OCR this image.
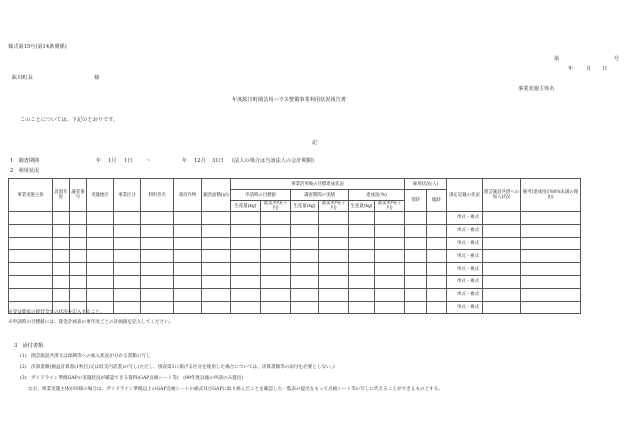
様式第15号(第14条関係)
第	号
年 月 日
紘川町長	様
事業実施主体名
年度紘川町園芸用ハウス整備事業利用状況報告書
このことについては、下記のとおりです。
記
1　調査期間	年 1月 1日	〜	年 12月 31日 (法人の場合は当該法人の会計期間)
2　利用状況
事業実施主体	設置年度	識者番号	実施地区	事業区分	利用者名	栽培作物	鋸営面積(㎡)	事業活用後の目標達成状況						雇用状況(人)		課定記載の状況	園芸施設共済への加入状況	備考(達成度が80%未満の理由)
								申請時の目標値		調査期間の実績		達成度(%)		常時	臨時			
								生産量(kg)	農業所得(千円)	生産量(kg)	農業所得(千円)	生産量(kg)	農業所得(千円)					
																単式・複式		
																単式・複式		
																単式・複式		
																単式・複式		
																単式・複式		
																単式・複式		
																単式・複式		
																単式・複式		
※受益農家の経営全ての状況を記入すること。
※申請時の目標値には、資金計画表の事年度ごとの計画値を記入してください。
3　添付書類
(1)　園芸施設共済又は保険等への加入状況が分かる書類の写し
(2)　決算書類(損益計算書(1枚目)又は収支内訳書)の写し(ただし、別表第1に掲げる区分を使用した場合については、決算書類等の添付を必要としない。)
(3)　ガイドライン準拠GAPの実施状況が確認できる資料(GAP点検シート等)　(99年度以後の申請のみ提出)
なお、事業実施主体が同様の場合は、ガイドライン準拠以上のGAP点検シートの様式及びGAPに取り組んだことを確認した一覧表の提出をもって点検シート等の写しに代えることができるものとする。
